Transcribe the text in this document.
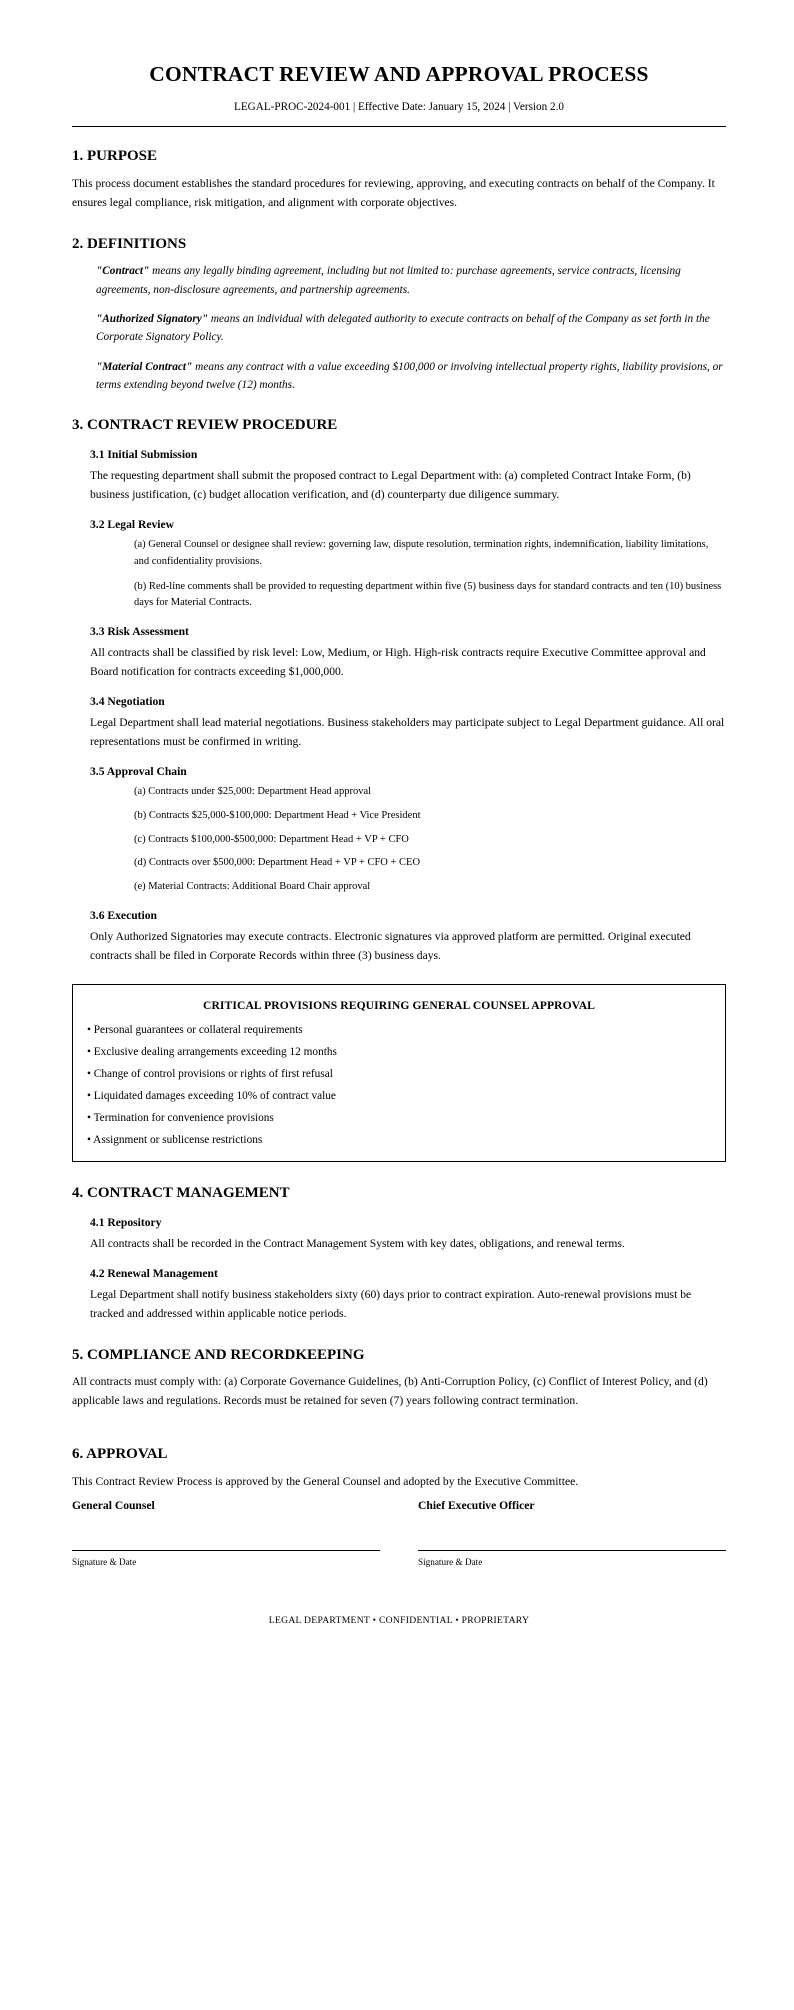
CONTRACT REVIEW AND APPROVAL PROCESS
LEGAL-PROC-2024-001 | Effective Date: January 15, 2024 | Version 2.0
1. PURPOSE

This process document establishes the standard procedures for reviewing, approving, and executing contracts on behalf of the Company. It ensures legal compliance, risk mitigation, and alignment with corporate objectives.

2. DEFINITIONS

"Contract" means any legally binding agreement, including but not limited to: purchase agreements, service contracts, licensing agreements, non-disclosure agreements, and partnership agreements.

"Authorized Signatory" means an individual with delegated authority to execute contracts on behalf of the Company as set forth in the Corporate Signatory Policy.

"Material Contract" means any contract with a value exceeding $100,000 or involving intellectual property rights, liability provisions, or terms extending beyond twelve (12) months.

3. CONTRACT REVIEW PROCEDURE
3.1 Initial Submission

The requesting department shall submit the proposed contract to Legal Department with: (a) completed Contract Intake Form, (b) business justification, (c) budget allocation verification, and (d) counterparty due diligence summary.

3.2 Legal Review

(a) General Counsel or designee shall review: governing law, dispute resolution, termination rights, indemnification, liability limitations, and confidentiality provisions.

(b) Red-line comments shall be provided to requesting department within five (5) business days for standard contracts and ten (10) business days for Material Contracts.

3.3 Risk Assessment

All contracts shall be classified by risk level: Low, Medium, or High. High-risk contracts require Executive Committee approval and Board notification for contracts exceeding $1,000,000.

3.4 Negotiation

Legal Department shall lead material negotiations. Business stakeholders may participate subject to Legal Department guidance. All oral representations must be confirmed in writing.

3.5 Approval Chain

(a) Contracts under $25,000: Department Head approval

(b) Contracts $25,000-$100,000: Department Head + Vice President

(c) Contracts $100,000-$500,000: Department Head + VP + CFO

(d) Contracts over $500,000: Department Head + VP + CFO + CEO

(e) Material Contracts: Additional Board Chair approval

3.6 Execution

Only Authorized Signatories may execute contracts. Electronic signatures via approved platform are permitted. Original executed contracts shall be filed in Corporate Records within three (3) business days.

CRITICAL PROVISIONS REQUIRING GENERAL COUNSEL APPROVAL

• Personal guarantees or collateral requirements

• Exclusive dealing arrangements exceeding 12 months

• Change of control provisions or rights of first refusal

• Liquidated damages exceeding 10% of contract value

• Termination for convenience provisions

• Assignment or sublicense restrictions

4. CONTRACT MANAGEMENT
4.1 Repository

All contracts shall be recorded in the Contract Management System with key dates, obligations, and renewal terms.

4.2 Renewal Management

Legal Department shall notify business stakeholders sixty (60) days prior to contract expiration. Auto-renewal provisions must be tracked and addressed within applicable notice periods.

5. COMPLIANCE AND RECORDKEEPING

All contracts must comply with: (a) Corporate Governance Guidelines, (b) Anti-Corruption Policy, (c) Conflict of Interest Policy, and (d) applicable laws and regulations. Records must be retained for seven (7) years following contract termination.

6. APPROVAL

This Contract Review Process is approved by the General Counsel and adopted by the Executive Committee.

General Counsel
Signature & Date
Chief Executive Officer
Signature & Date
LEGAL DEPARTMENT • CONFIDENTIAL • PROPRIETARY
